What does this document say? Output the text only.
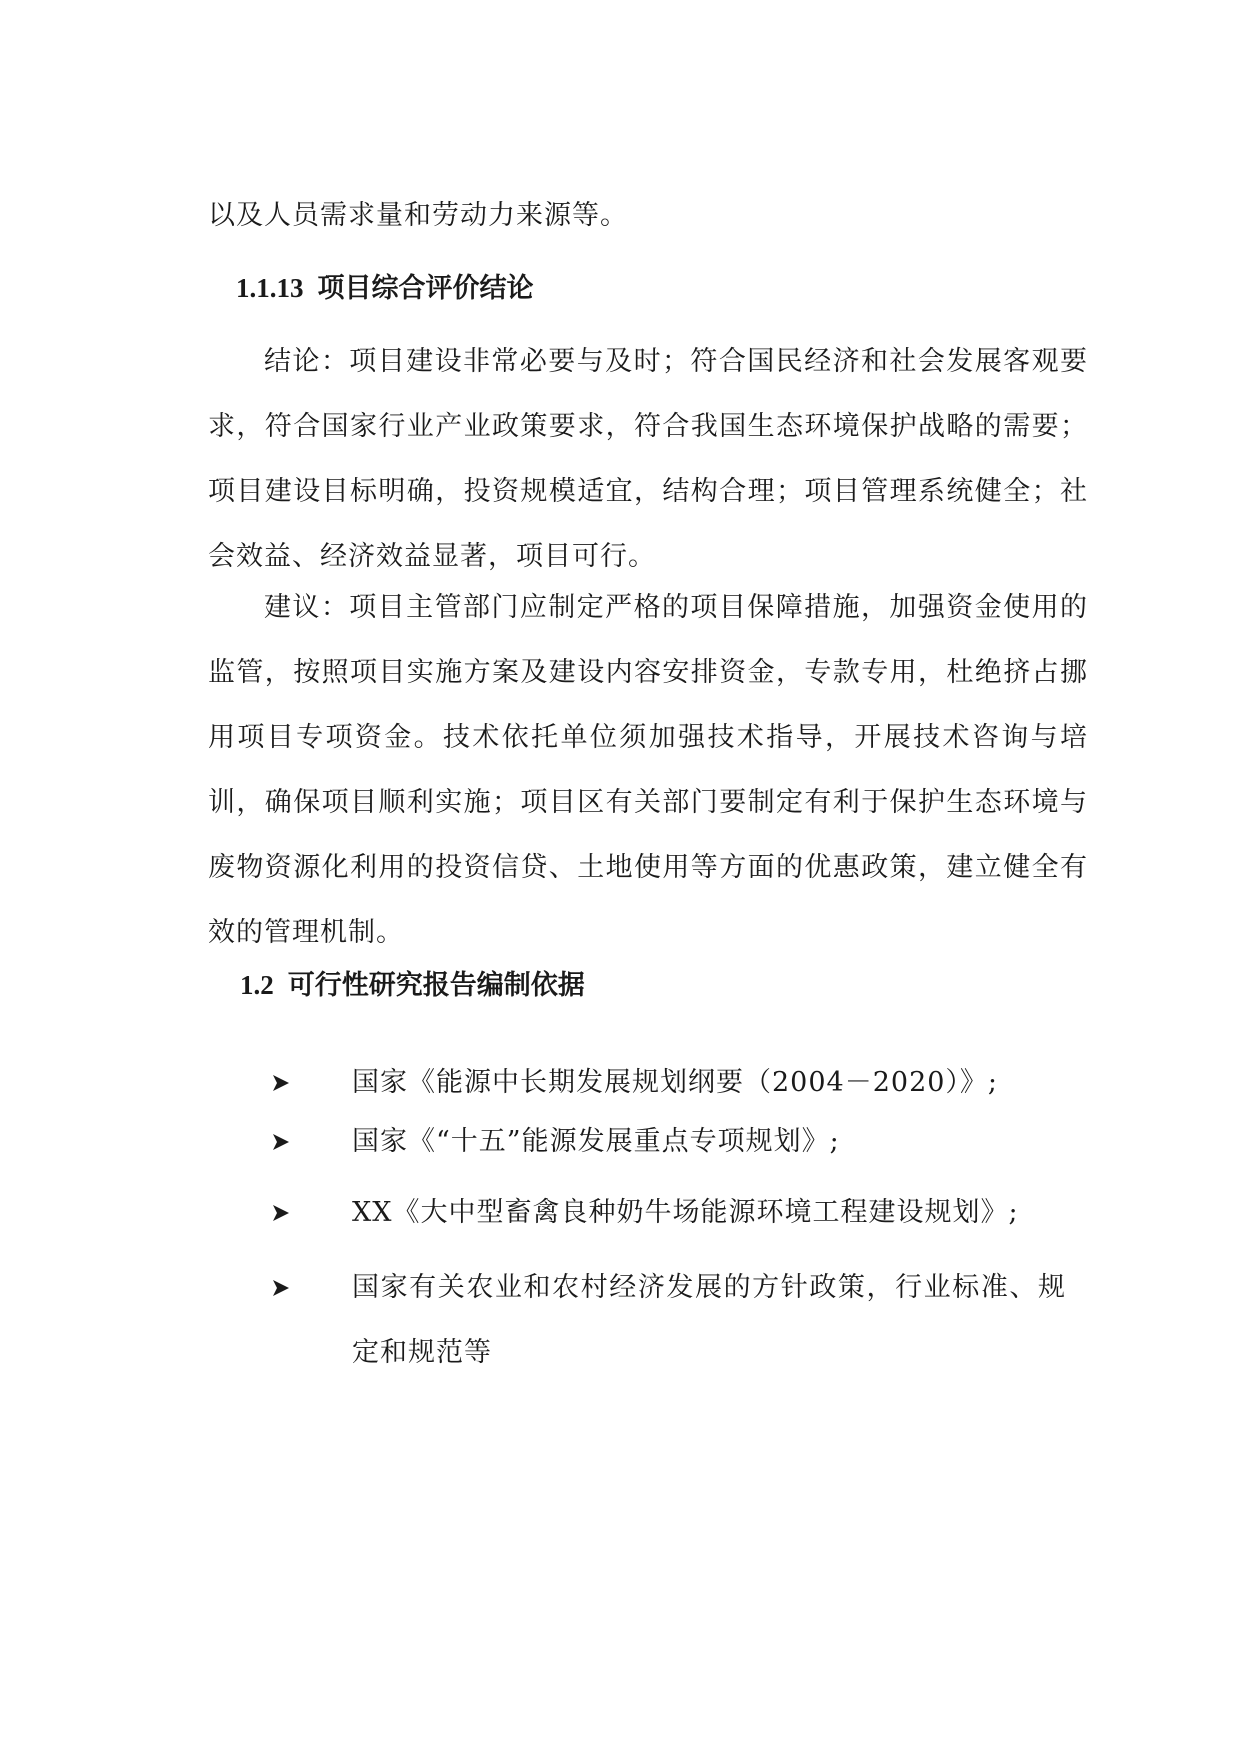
以及人员需求量和劳动力来源等。

1.1.13 项目综合评价结论

结论：项目建设非常必要与及时；符合国民经济和社会发展客观要求，符合国家行业产业政策要求，符合我国生态环境保护战略的需要；项目建设目标明确，投资规模适宜，结构合理；项目管理系统健全；社会效益、经济效益显著，项目可行。

建议：项目主管部门应制定严格的项目保障措施，加强资金使用的监管，按照项目实施方案及建设内容安排资金，专款专用，杜绝挤占挪用项目专项资金。技术依托单位须加强技术指导，开展技术咨询与培训，确保项目顺利实施；项目区有关部门要制定有利于保护生态环境与废物资源化利用的投资信贷、土地使用等方面的优惠政策，建立健全有效的管理机制。

1.2 可行性研究报告编制依据
国家《能源中长期发展规划纲要（2004－2020）》;
国家《“十五”能源发展重点专项规划》;
XX《大中型畜禽良种奶牛场能源环境工程建设规划》;
国家有关农业和农村经济发展的方针政策，行业标准、规定和规范等
